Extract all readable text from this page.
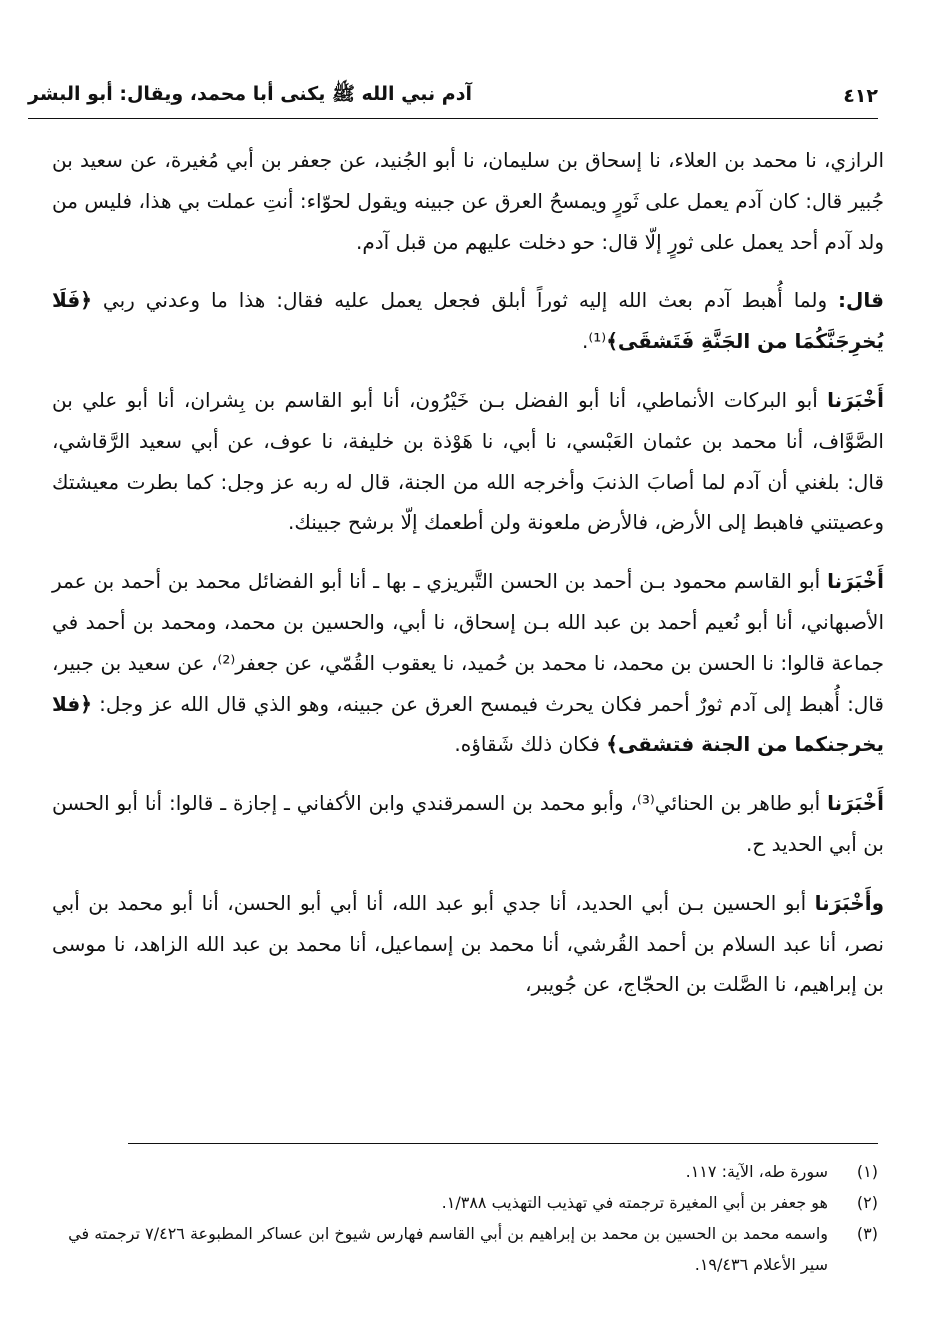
٤١٢
آدم نبي الله ﷺ يكنى أبا محمد، ويقال: أبو البشر

الرازي، نا محمد بن العلاء، نا إسحاق بن سليمان، نا أبو الجُنيد، عن جعفر بن أبي مُغيرة، عن سعيد بن جُبير قال: كان آدم يعمل على ثَورٍ ويمسحُ العرق عن جبينه ويقول لحوّاء: أنتِ عملت بي هذا، فليس من ولد آدم أحد يعمل على ثورٍ إلّا قال: حو دخلت عليهم من قبل آدم.

قال: ولما أُهبط آدم بعث الله إليه ثوراً أبلق فجعل يعمل عليه فقال: هذا ما وعدني ربي ﴿فَلَا يُخرِجَنَّكُمَا من الجَنَّةِ فَتَشقَى﴾⁽¹⁾.

أَخْبَرَنا أبو البركات الأنماطي، أنا أبو الفضل بـن خَيْرُون، أنا أبو القاسم بن بِشران، أنا أبو علي بن الصَّوَّاف، أنا محمد بن عثمان العَبْسي، نا أبي، نا هَوْذة بن خليفة، نا عوف، عن أبي سعيد الرَّقاشي، قال: بلغني أن آدم لما أصابَ الذنبَ وأخرجه الله من الجنة، قال له ربه عز وجل: كما بطرت معيشتك وعصيتني فاهبط إلى الأرض، فالأرض ملعونة ولن أطعمك إلّا برشح جبينك.

أَخْبَرَنا أبو القاسم محمود بـن أحمد بن الحسن التَّبريزي ـ بها ـ أنا أبو الفضائل محمد بن أحمد بن عمر الأصبهاني، أنا أبو نُعيم أحمد بن عبد الله بـن إسحاق، نا أبي، والحسين بن محمد، ومحمد بن أحمد في جماعة قالوا: نا الحسن بن محمد، نا محمد بن حُميد، نا يعقوب القُمّي، عن جعفر⁽²⁾، عن سعيد بن جبير، قال: أُهبط إلى آدم ثورٌ أحمر فكان يحرث فيمسح العرق عن جبينه، وهو الذي قال الله عز وجل: ﴿فلا يخرجنكما من الجنة فتشقى﴾ فكان ذلك شَقاؤه.

أَخْبَرَنا أبو طاهر بن الحنائي⁽³⁾، وأبو محمد بن السمرقندي وابن الأكفاني ـ إجازة ـ قالوا: أنا أبو الحسن بن أبي الحديد ح.

وأَخْبَرَنا أبو الحسين بـن أبي الحديد، أنا جدي أبو عبد الله، أنا أبي أبو الحسن، أنا أبو محمد بن أبي نصر، أنا عبد السلام بن أحمد القُرشي، أنا محمد بن إسماعيل، أنا محمد بن عبد الله الزاهد، نا موسى بن إبراهيم، نا الصَّلت بن الحجّاج، عن جُويبر،

(١)
سورة طه، الآية: ١١٧.
(٢)
هو جعفر بن أبي المغيرة ترجمته في تهذيب التهذيب ١/٣٨٨.
(٣)
واسمه محمد بن الحسين بن محمد بن إبراهيم بن أبي القاسم فهارس شيوخ ابن عساكر المطبوعة ٧/٤٢٦ ترجمته في سير الأعلام ١٩/٤٣٦.
